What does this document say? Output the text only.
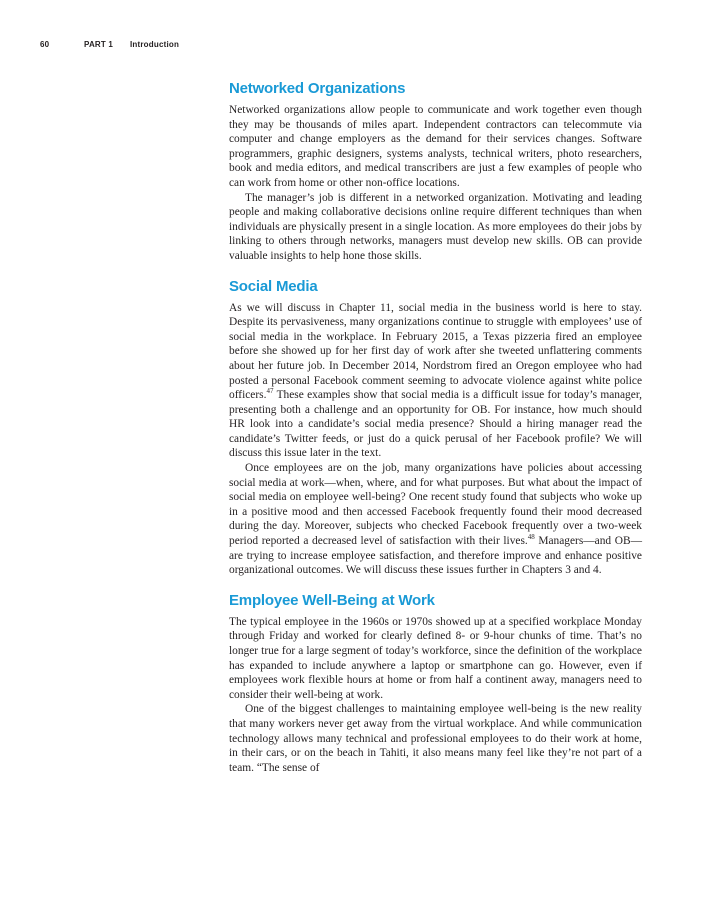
60	PART 1 Introduction
Networked Organizations

Networked organizations allow people to communicate and work together even though they may be thousands of miles apart. Independent contractors can telecommute via computer and change employers as the demand for their services changes. Software programmers, graphic designers, systems analysts, technical writers, photo researchers, book and media editors, and medical transcribers are just a few examples of people who can work from home or other non-office locations.

The manager’s job is different in a networked organization. Motivating and leading people and making collaborative decisions online require different techniques than when individuals are physically present in a single location. As more employees do their jobs by linking to others through networks, managers must develop new skills. OB can provide valuable insights to help hone those skills.

Social Media

As we will discuss in Chapter 11, social media in the business world is here to stay. Despite its pervasiveness, many organizations continue to struggle with employees’ use of social media in the workplace. In February 2015, a Texas pizzeria fired an employee before she showed up for her first day of work after she tweeted unflattering comments about her future job. In December 2014, Nordstrom fired an Oregon employee who had posted a personal Facebook comment seeming to advocate violence against white police officers.$^{47}$ These examples show that social media is a difficult issue for today’s manager, presenting both a challenge and an opportunity for OB. For instance, how much should HR look into a candidate’s social media presence? Should a hiring manager read the candidate’s Twitter feeds, or just do a quick perusal of her Facebook profile? We will discuss this issue later in the text.

Once employees are on the job, many organizations have policies about accessing social media at work—when, where, and for what purposes. But what about the impact of social media on employee well-being? One recent study found that subjects who woke up in a positive mood and then accessed Facebook frequently found their mood decreased during the day. Moreover, subjects who checked Facebook frequently over a two-week period reported a decreased level of satisfaction with their lives.$^{48}$ Managers—and OB—are trying to increase employee satisfaction, and therefore improve and enhance positive organizational outcomes. We will discuss these issues further in Chapters 3 and 4.

Employee Well-Being at Work

The typical employee in the 1960s or 1970s showed up at a specified workplace Monday through Friday and worked for clearly defined 8- or 9-hour chunks of time. That’s no longer true for a large segment of today’s workforce, since the definition of the workplace has expanded to include anywhere a laptop or smartphone can go. However, even if employees work flexible hours at home or from half a continent away, managers need to consider their well-being at work.

One of the biggest challenges to maintaining employee well-being is the new reality that many workers never get away from the virtual workplace. And while communication technology allows many technical and professional employees to do their work at home, in their cars, or on the beach in Tahiti, it also means many feel like they’re not part of a team. “The sense of
